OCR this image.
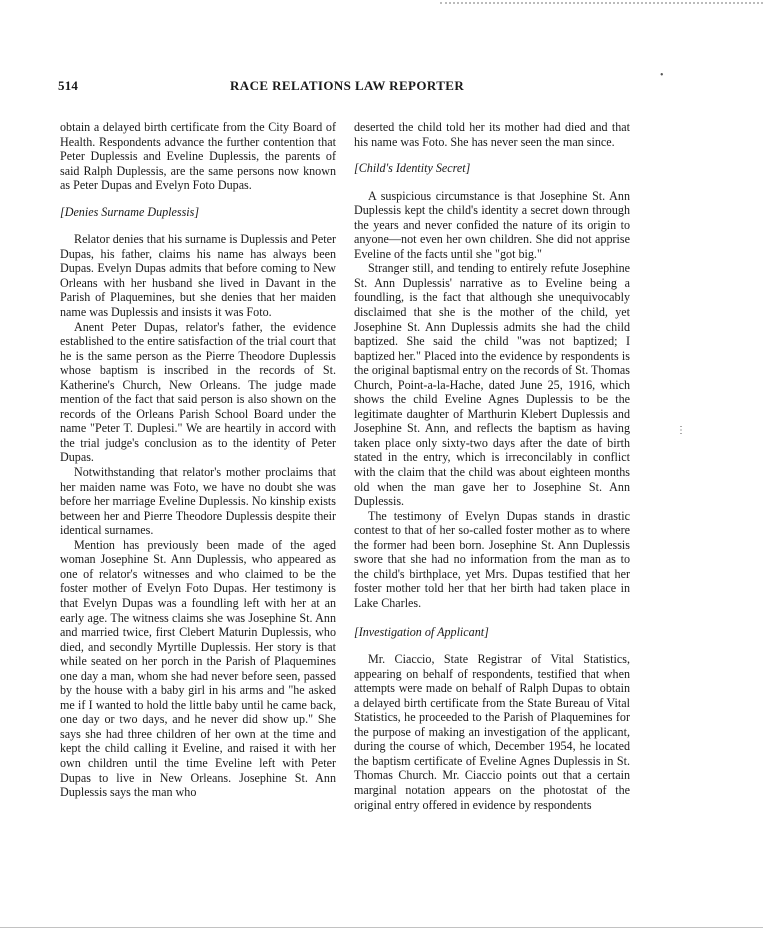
514	RACE RELATIONS LAW REPORTER

obtain a delayed birth certificate from the City Board of Health. Respondents advance the further contention that Peter Duplessis and Eveline Duplessis, the parents of said Ralph Duplessis, are the same persons now known as Peter Dupas and Evelyn Foto Dupas.

[Denies Surname Duplessis]

Relator denies that his surname is Duplessis and Peter Dupas, his father, claims his name has always been Dupas. Evelyn Dupas admits that before coming to New Orleans with her husband she lived in Davant in the Parish of Plaquemines, but she denies that her maiden name was Duplessis and insists it was Foto.

Anent Peter Dupas, relator's father, the evidence established to the entire satisfaction of the trial court that he is the same person as the Pierre Theodore Duplessis whose baptism is inscribed in the records of St. Katherine's Church, New Orleans. The judge made mention of the fact that said person is also shown on the records of the Orleans Parish School Board under the name "Peter T. Duplesi." We are heartily in accord with the trial judge's conclusion as to the identity of Peter Dupas.

Notwithstanding that relator's mother proclaims that her maiden name was Foto, we have no doubt she was before her marriage Eveline Duplessis. No kinship exists between her and Pierre Theodore Duplessis despite their identical surnames.

Mention has previously been made of the aged woman Josephine St. Ann Duplessis, who appeared as one of relator's witnesses and who claimed to be the foster mother of Evelyn Foto Dupas. Her testimony is that Evelyn Dupas was a foundling left with her at an early age. The witness claims she was Josephine St. Ann and married twice, first Clebert Maturin Duplessis, who died, and secondly Myrtille Duplessis. Her story is that while seated on her porch in the Parish of Plaquemines one day a man, whom she had never before seen, passed by the house with a baby girl in his arms and "he asked me if I wanted to hold the little baby until he came back, one day or two days, and he never did show up." She says she had three children of her own at the time and kept the child calling it Eveline, and raised it with her own children until the time Eveline left with Peter Dupas to live in New Orleans. Josephine St. Ann Duplessis says the man who

deserted the child told her its mother had died and that his name was Foto. She has never seen the man since.

[Child's Identity Secret]

A suspicious circumstance is that Josephine St. Ann Duplessis kept the child's identity a secret down through the years and never confided the nature of its origin to anyone—not even her own children. She did not apprise Eveline of the facts until she "got big."

Stranger still, and tending to entirely refute Josephine St. Ann Duplessis' narrative as to Eveline being a foundling, is the fact that although she unequivocably disclaimed that she is the mother of the child, yet Josephine St. Ann Duplessis admits she had the child baptized. She said the child "was not baptized; I baptized her." Placed into the evidence by respondents is the original baptismal entry on the records of St. Thomas Church, Point-a-la-Hache, dated June 25, 1916, which shows the child Eveline Agnes Duplessis to be the legitimate daughter of Marthurin Klebert Duplessis and Josephine St. Ann, and reflects the baptism as having taken place only sixty-two days after the date of birth stated in the entry, which is irreconcilably in conflict with the claim that the child was about eighteen months old when the man gave her to Josephine St. Ann Duplessis.

The testimony of Evelyn Dupas stands in drastic contest to that of her so-called foster mother as to where the former had been born. Josephine St. Ann Duplessis swore that she had no information from the man as to the child's birthplace, yet Mrs. Dupas testified that her foster mother told her that her birth had taken place in Lake Charles.

[Investigation of Applicant]

Mr. Ciaccio, State Registrar of Vital Statistics, appearing on behalf of respondents, testified that when attempts were made on behalf of Ralph Dupas to obtain a delayed birth certificate from the State Bureau of Vital Statistics, he proceeded to the Parish of Plaquemines for the purpose of making an investigation of the applicant, during the course of which, December 1954, he located the baptism certificate of Eveline Agnes Duplessis in St. Thomas Church. Mr. Ciaccio points out that a certain marginal notation appears on the photostat of the original entry offered in evidence by respondents

•
⋮
